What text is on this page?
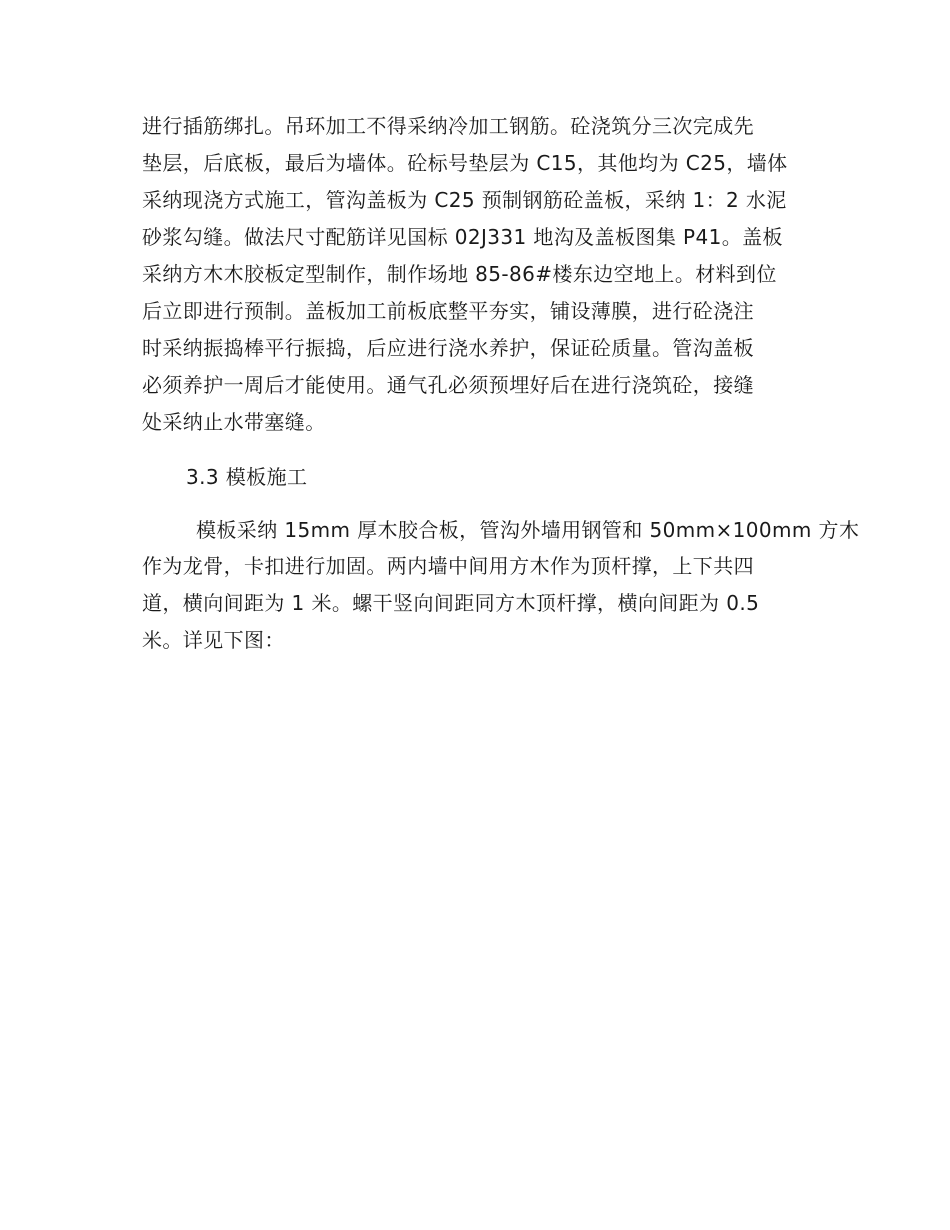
进行插筋绑扎。吊环加工不得采纳冷加工钢筋。砼浇筑分三次完成先
垫层，后底板，最后为墙体。砼标号垫层为 C15，其他均为 C25，墙体
采纳现浇方式施工，管沟盖板为 C25 预制钢筋砼盖板，采纳 1：2 水泥
砂浆勾缝。做法尺寸配筋详见国标 02J331 地沟及盖板图集 P41。盖板
采纳方木木胶板定型制作，制作场地 85-86#楼东边空地上。材料到位
后立即进行预制。盖板加工前板底整平夯实，铺设薄膜，进行砼浇注
时采纳振捣棒平行振捣，后应进行浇水养护，保证砼质量。管沟盖板
必须养护一周后才能使用。通气孔必须预埋好后在进行浇筑砼，接缝
处采纳止水带塞缝。
3.3 模板施工
模板采纳 15mm 厚木胶合板，管沟外墙用钢管和 50mm×100mm 方木
作为龙骨，卡扣进行加固。两内墙中间用方木作为顶杆撑，上下共四
道，横向间距为 1 米。螺干竖向间距同方木顶杆撑，横向间距为 0.5
米。详见下图：
